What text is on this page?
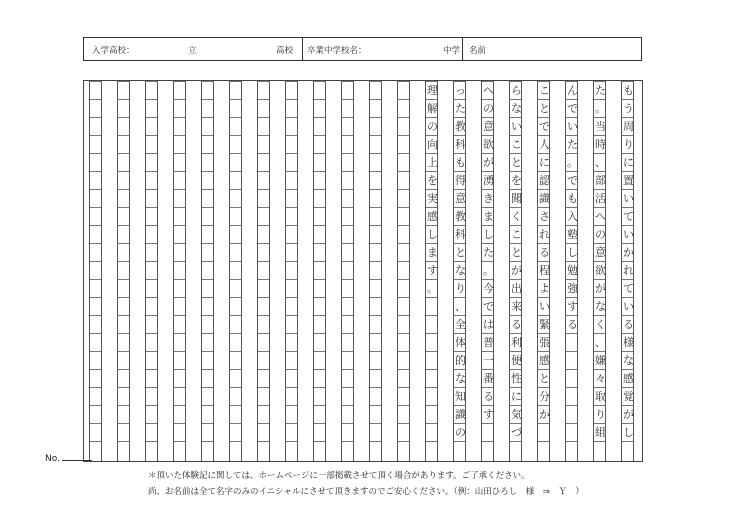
入学高校：	立	高校 卒業中学校名：	中学 名前
も
う
周
り
に
置
い
て
い
か
れ
て
い
る
様
な
感
覚
が
し
た
。
当
時
、
部
活
へ
の
意
欲
が
な
く
、
嫌
々
取
り
組
ん
で
い
た
。
で
も
入
塾
し
勉
強
す
る
こ
と
で
人
に
認
識
さ
れ
る
程
よ
い
緊
張
感
と
分
か
ら
な
い
こ
と
を
聞
く
こ
と
が
出
来
る
利
便
性
に
気
づ
へ
の
意
欲
が
湧
き
ま
し
た
。
今
で
は
普
一
番
る
す
っ
た
教
科
も
得
意
教
科
と
な
り
、
全
体
的
な
知
識
の
理
解
の
向
上
を
実
感
し
ま
す
。
No.
＊頂いた体験記に関しては、ホームページに一部掲載させて頂く場合があります。ご了承ください。
尚、お名前は全て名字のみのイニシャルにさせて頂きますのでご安心ください。（例：山田ひろし　様　⇒　Ｙ　）
